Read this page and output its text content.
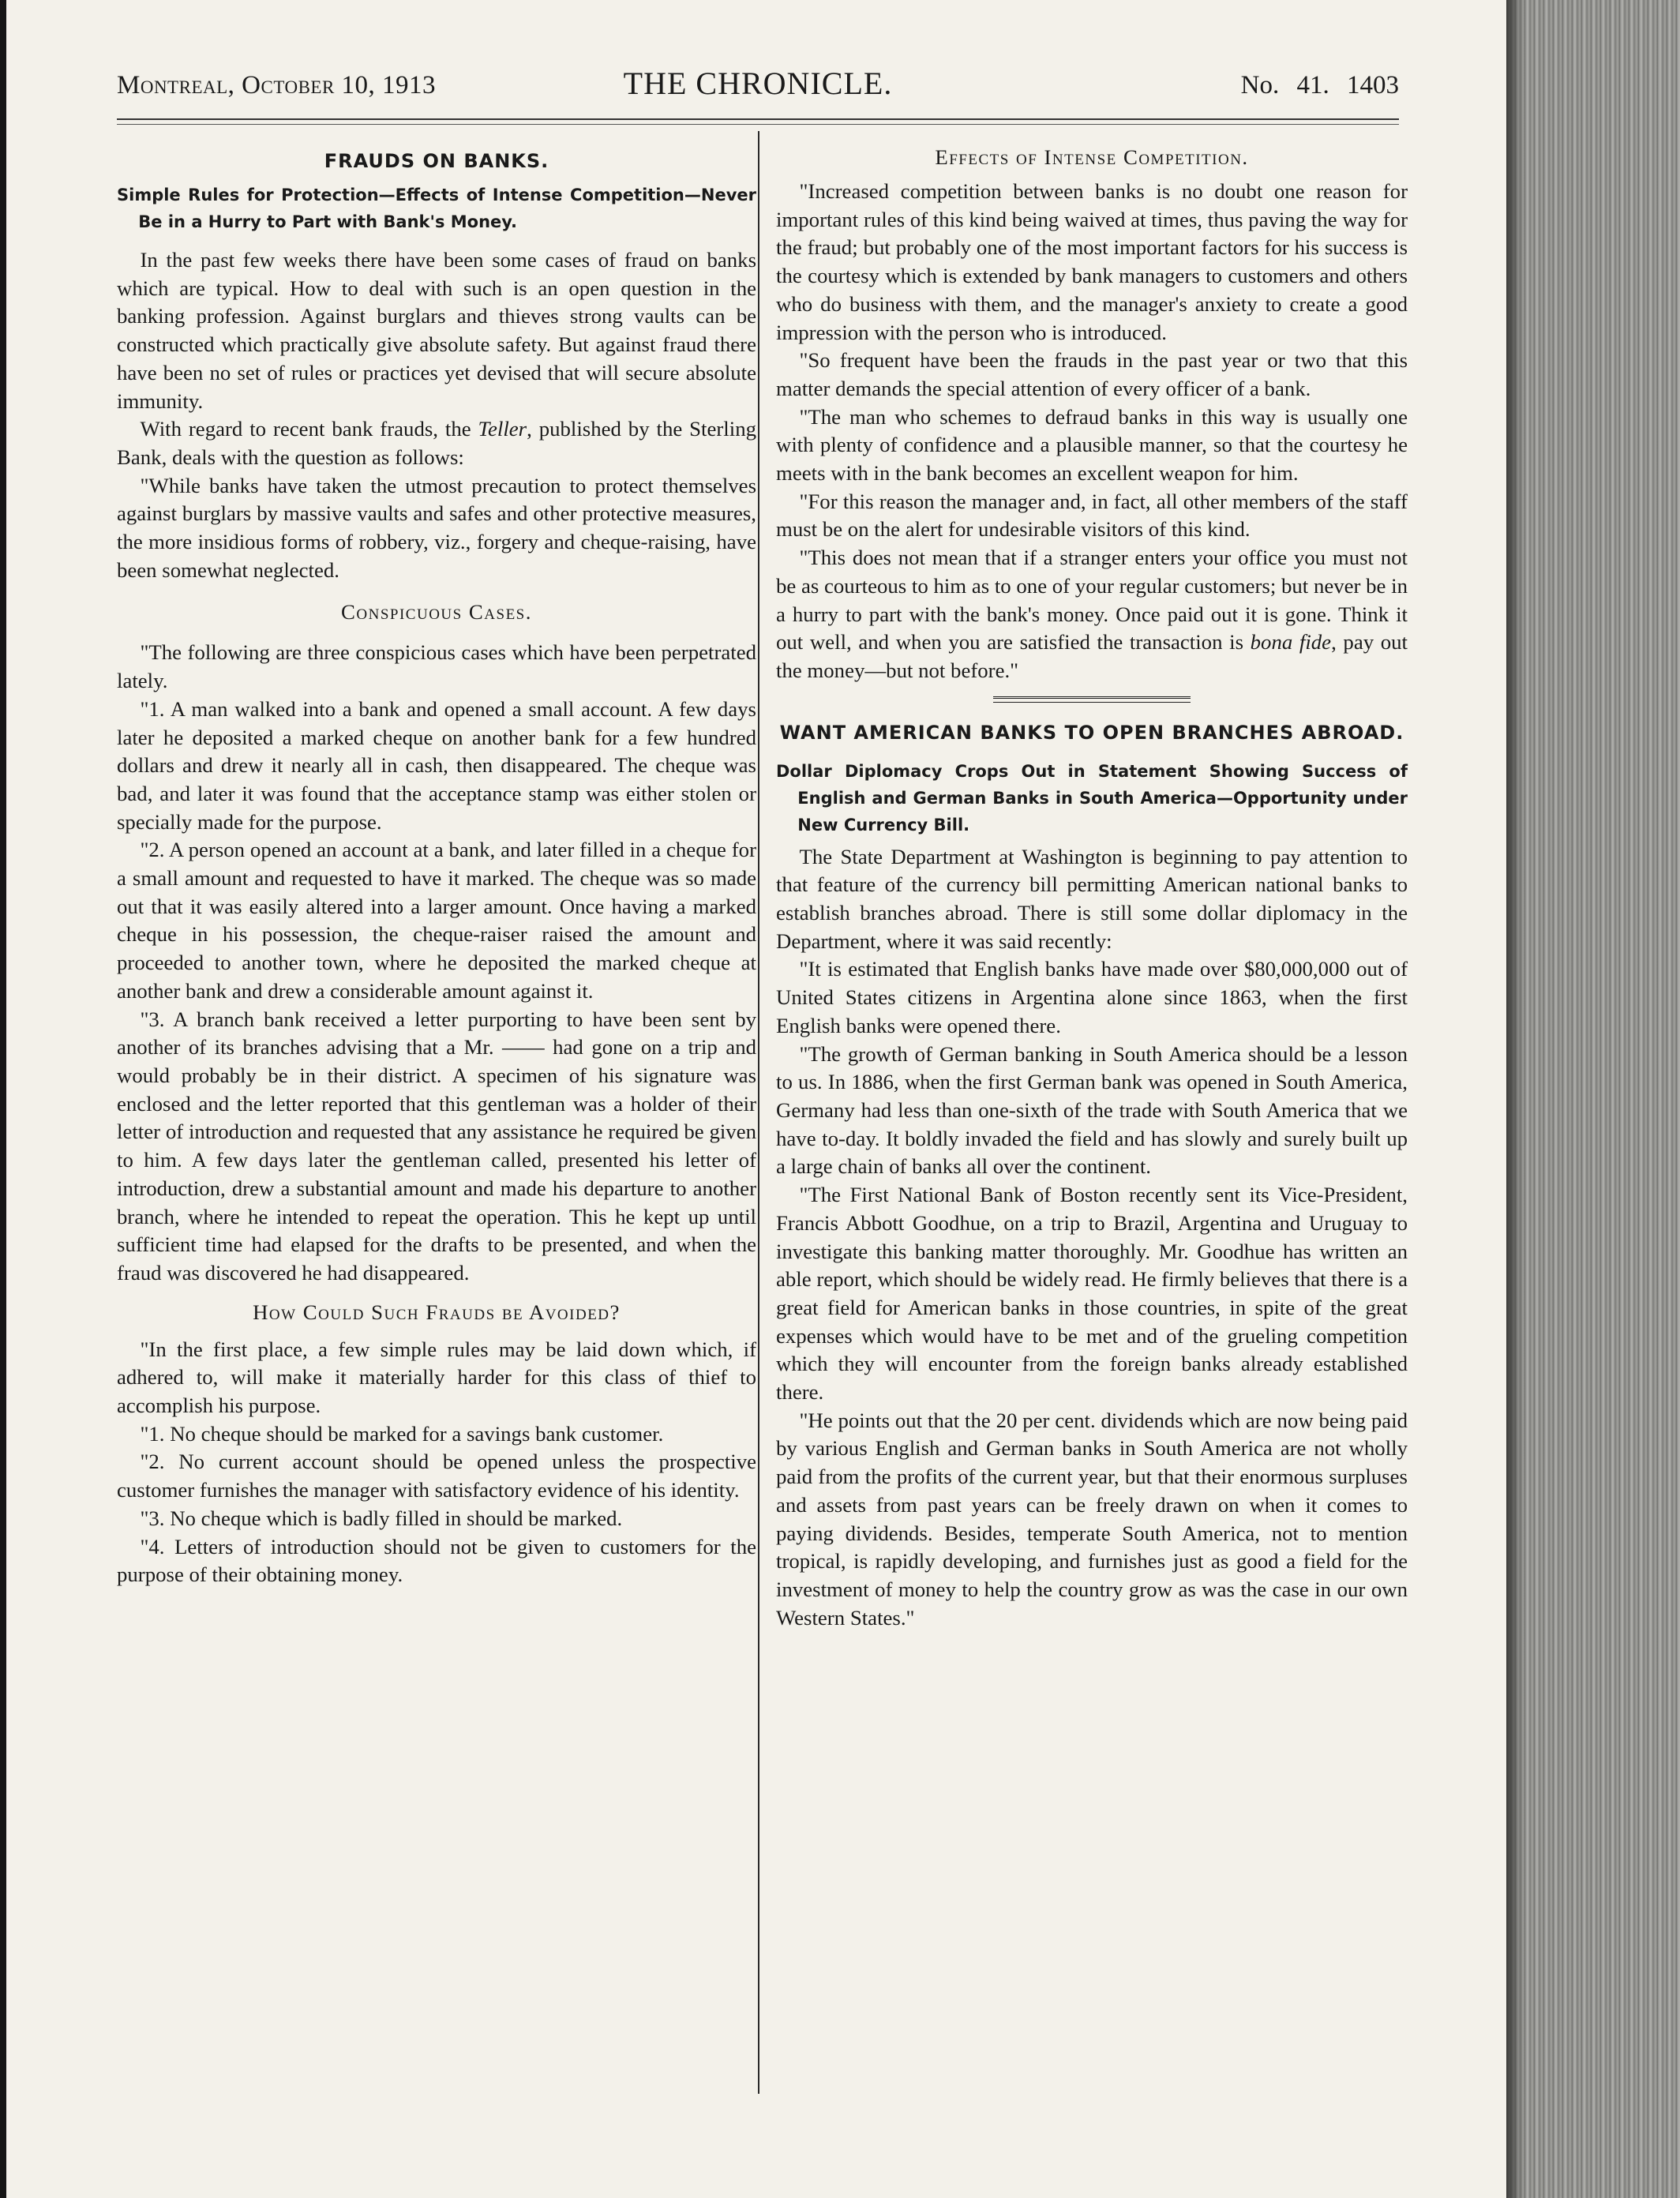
Montreal, October 10, 1913	THE CHRONICLE.	No. 41. 1403

FRAUDS ON BANKS.

Simple Rules for Protection—Effects of Intense Competition—Never Be in a Hurry to Part with Bank's Money.

In the past few weeks there have been some cases of fraud on banks which are typical. How to deal with such is an open question in the banking profession. Against burglars and thieves strong vaults can be constructed which practically give absolute safety. But against fraud there have been no set of rules or practices yet devised that will secure absolute immunity.

With regard to recent bank frauds, the Teller, published by the Sterling Bank, deals with the question as follows:

"While banks have taken the utmost precaution to protect themselves against burglars by massive vaults and safes and other protective measures, the more insidious forms of robbery, viz., forgery and cheque-raising, have been somewhat neglected.

Conspicuous Cases.

"The following are three conspicious cases which have been perpetrated lately.

"1. A man walked into a bank and opened a small account. A few days later he deposited a marked cheque on another bank for a few hundred dollars and drew it nearly all in cash, then disappeared. The cheque was bad, and later it was found that the acceptance stamp was either stolen or specially made for the purpose.

"2. A person opened an account at a bank, and later filled in a cheque for a small amount and requested to have it marked. The cheque was so made out that it was easily altered into a larger amount. Once having a marked cheque in his possession, the cheque-raiser raised the amount and proceeded to another town, where he deposited the marked cheque at another bank and drew a considerable amount against it.

"3. A branch bank received a letter purporting to have been sent by another of its branches advising that a Mr. —— had gone on a trip and would probably be in their district. A specimen of his signature was enclosed and the letter reported that this gentleman was a holder of their letter of introduction and requested that any assistance he required be given to him. A few days later the gentleman called, presented his letter of introduction, drew a substantial amount and made his departure to another branch, where he intended to repeat the operation. This he kept up until sufficient time had elapsed for the drafts to be presented, and when the fraud was discovered he had disappeared.

How Could Such Frauds be Avoided?

"In the first place, a few simple rules may be laid down which, if adhered to, will make it materially harder for this class of thief to accomplish his purpose.

"1. No cheque should be marked for a savings bank customer.

"2. No current account should be opened unless the prospective customer furnishes the manager with satisfactory evidence of his identity.

"3. No cheque which is badly filled in should be marked.

"4. Letters of introduction should not be given to customers for the purpose of their obtaining money.

Effects of Intense Competition.

"Increased competition between banks is no doubt one reason for important rules of this kind being waived at times, thus paving the way for the fraud; but probably one of the most important factors for his success is the courtesy which is extended by bank managers to customers and others who do business with them, and the manager's anxiety to create a good impression with the person who is introduced.

"So frequent have been the frauds in the past year or two that this matter demands the special attention of every officer of a bank.

"The man who schemes to defraud banks in this way is usually one with plenty of confidence and a plausible manner, so that the courtesy he meets with in the bank becomes an excellent weapon for him.

"For this reason the manager and, in fact, all other members of the staff must be on the alert for undesirable visitors of this kind.

"This does not mean that if a stranger enters your office you must not be as courteous to him as to one of your regular customers; but never be in a hurry to part with the bank's money. Once paid out it is gone. Think it out well, and when you are satisfied the transaction is bona fide, pay out the money—but not before."

WANT AMERICAN BANKS TO OPEN BRANCHES ABROAD.

Dollar Diplomacy Crops Out in Statement Showing Success of English and German Banks in South America—Opportunity under New Currency Bill.

The State Department at Washington is beginning to pay attention to that feature of the currency bill permitting American national banks to establish branches abroad. There is still some dollar diplomacy in the Department, where it was said recently:

"It is estimated that English banks have made over $80,000,000 out of United States citizens in Argentina alone since 1863, when the first English banks were opened there.

"The growth of German banking in South America should be a lesson to us. In 1886, when the first German bank was opened in South America, Germany had less than one-sixth of the trade with South America that we have to-day. It boldly invaded the field and has slowly and surely built up a large chain of banks all over the continent.

"The First National Bank of Boston recently sent its Vice-President, Francis Abbott Goodhue, on a trip to Brazil, Argentina and Uruguay to investigate this banking matter thoroughly. Mr. Goodhue has written an able report, which should be widely read. He firmly believes that there is a great field for American banks in those countries, in spite of the great expenses which would have to be met and of the grueling competition which they will encounter from the foreign banks already established there.

"He points out that the 20 per cent. dividends which are now being paid by various English and German banks in South America are not wholly paid from the profits of the current year, but that their enormous surpluses and assets from past years can be freely drawn on when it comes to paying dividends. Besides, temperate South America, not to mention tropical, is rapidly developing, and furnishes just as good a field for the investment of money to help the country grow as was the case in our own Western States."
